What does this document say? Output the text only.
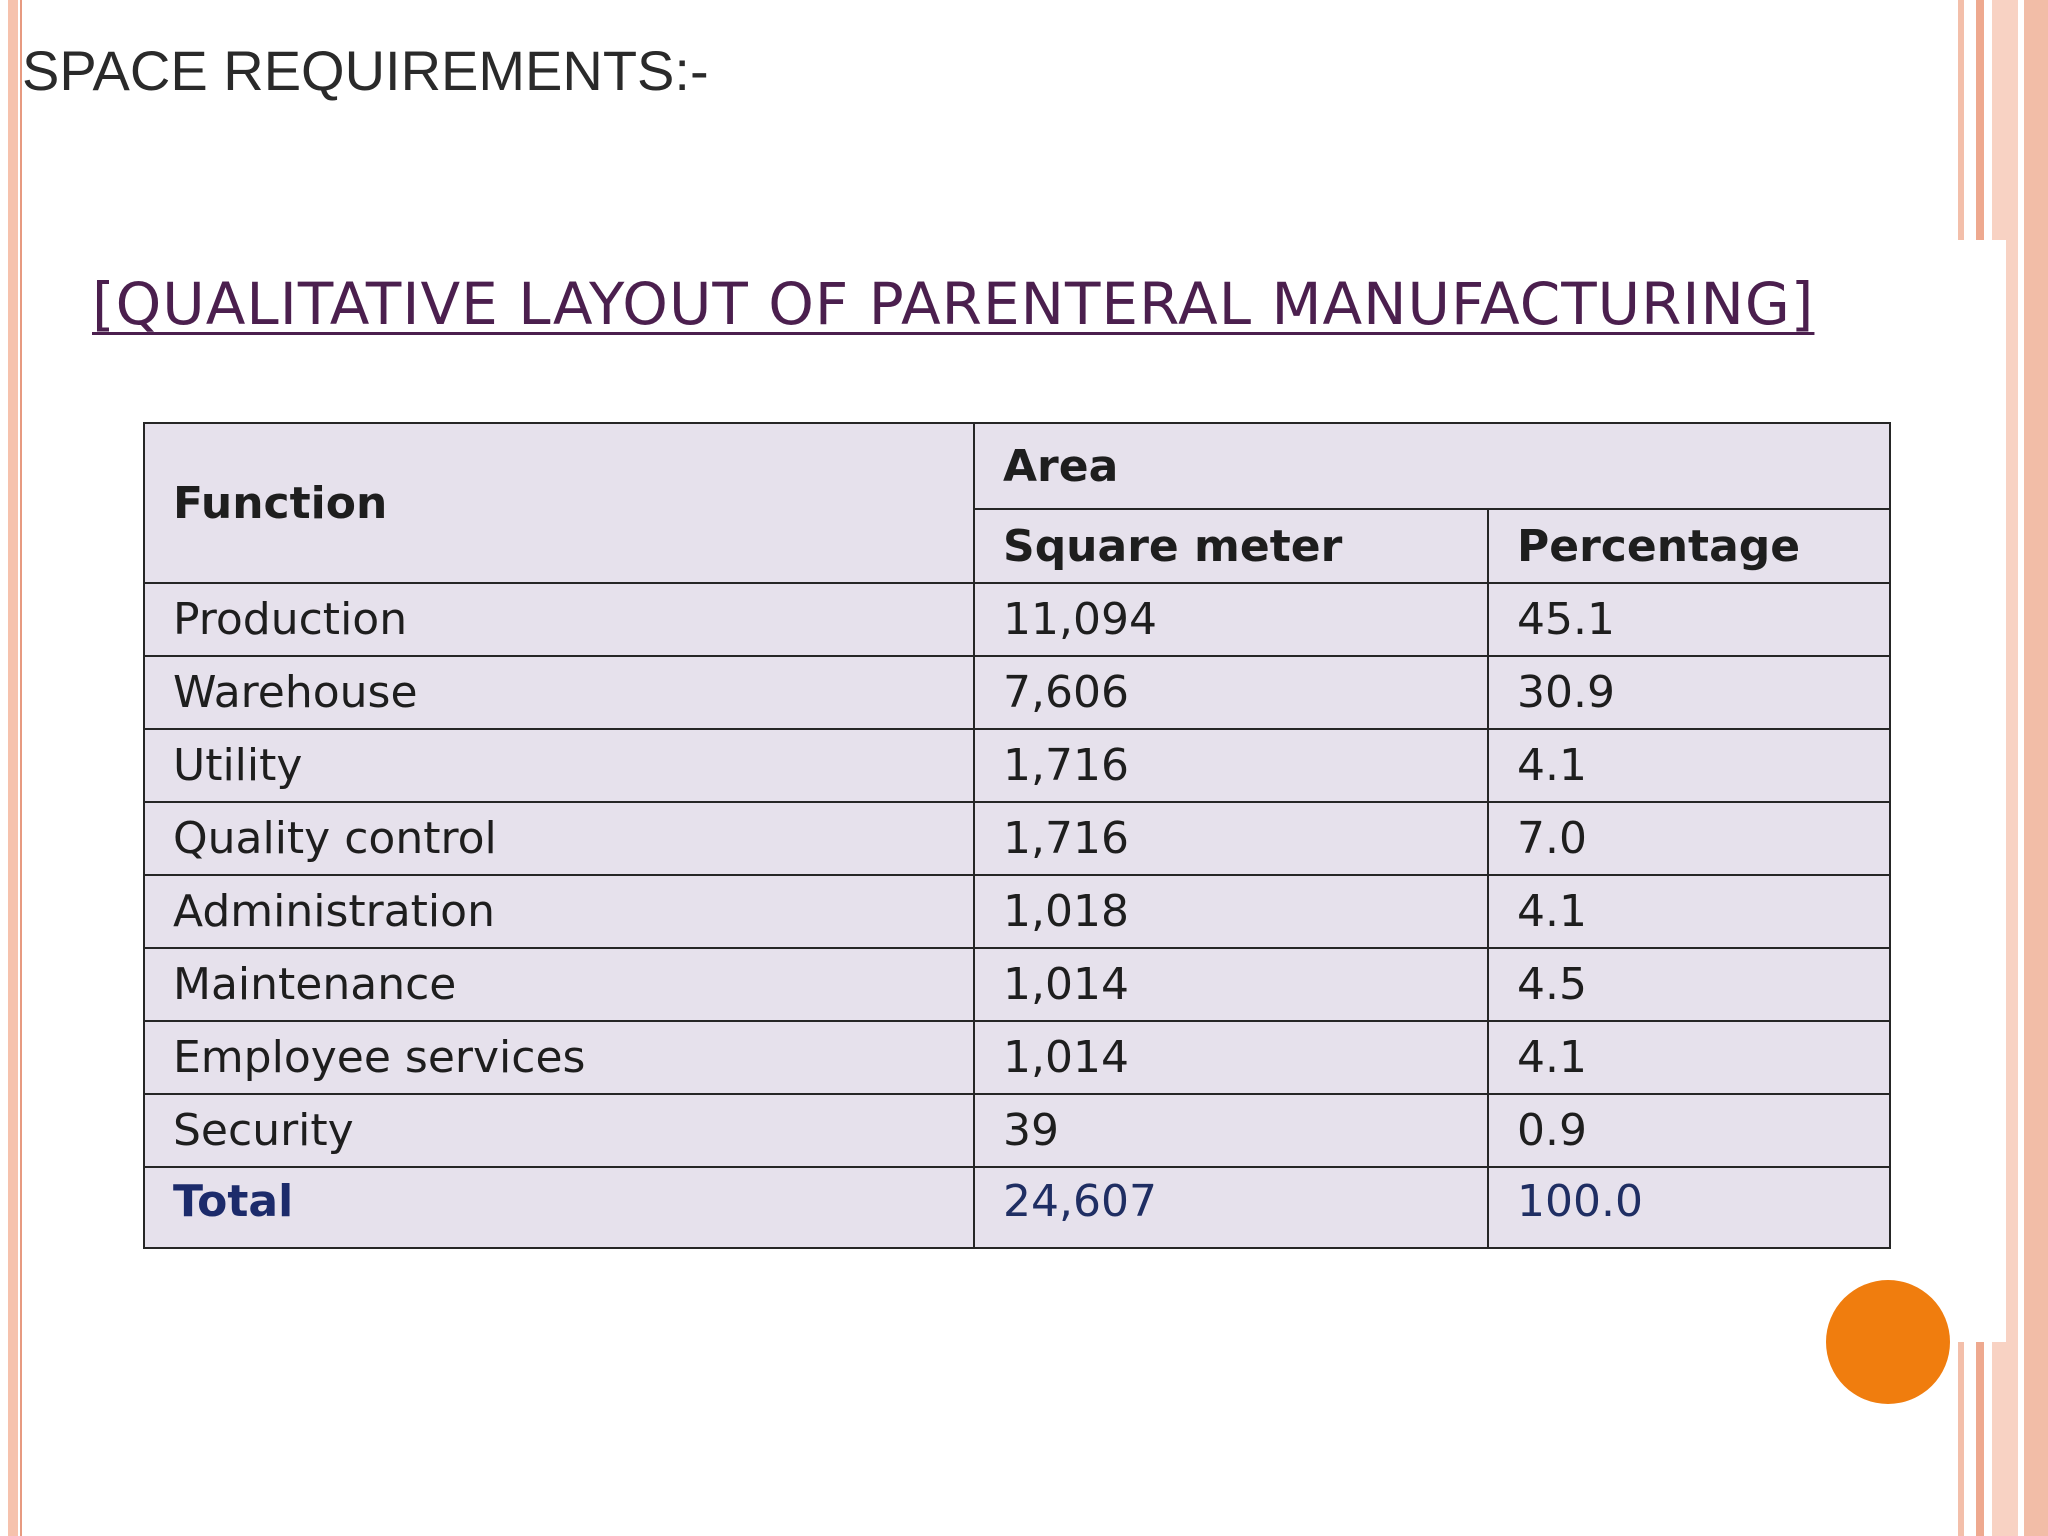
SPACE REQUIREMENTS:-
[QUALITATIVE LAYOUT OF PARENTERAL MANUFACTURING]
Function	Area	
	Square meter	Percentage
Production	11,094	45.1
Warehouse	7,606	30.9
Utility	1,716	4.1
Quality control	1,716	7.0
Administration	1,018	4.1
Maintenance	1,014	4.5
Employee services	1,014	4.1
Security	39	0.9
Total	24,607	100.0
